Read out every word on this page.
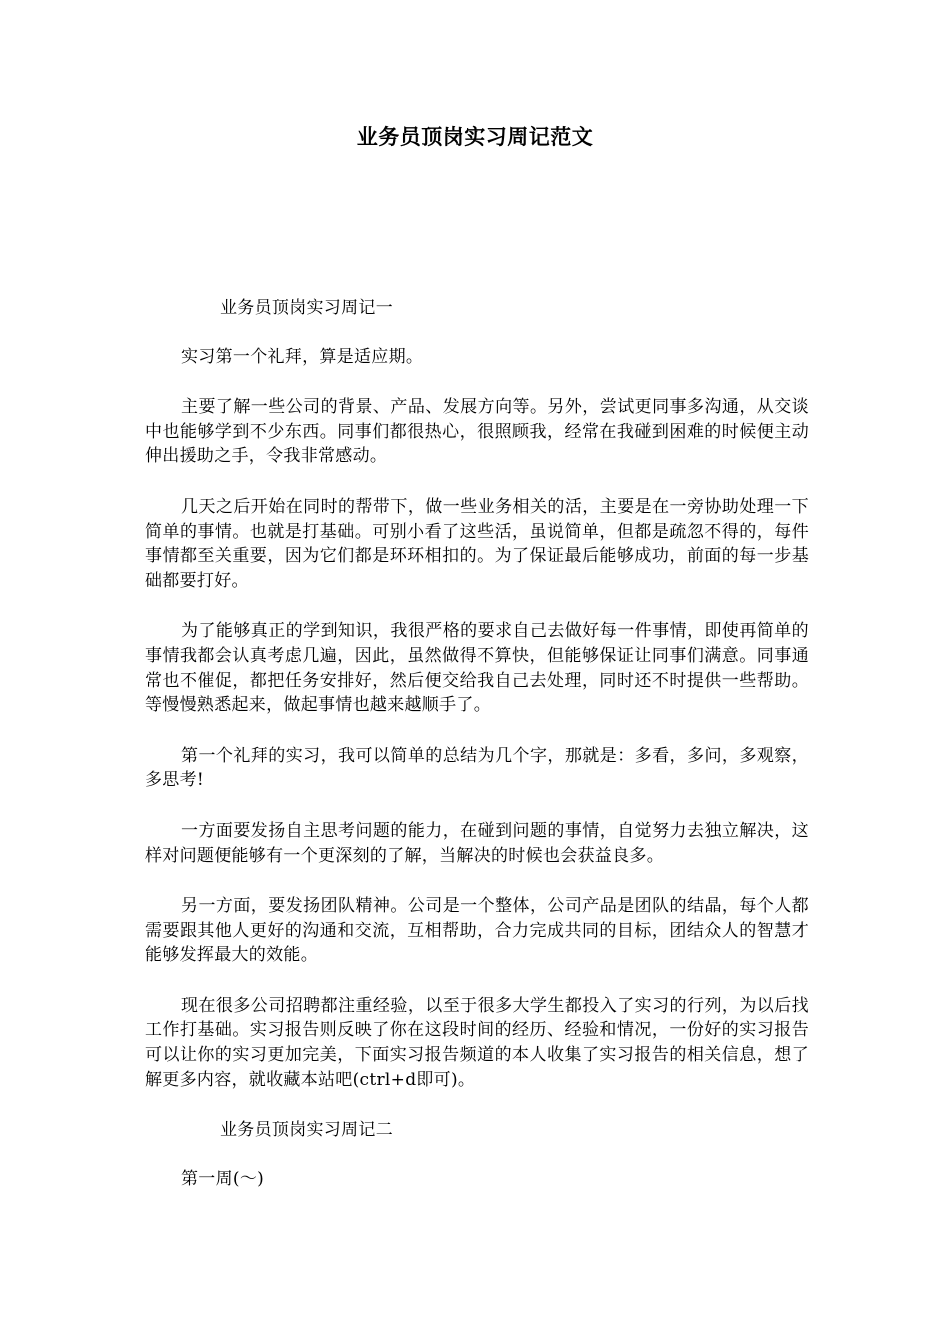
业务员顶岗实习周记范文

业务员顶岗实习周记一

实习第一个礼拜，算是适应期。

主要了解一些公司的背景、产品、发展方向等。另外，尝试更同事多沟通，从交谈中也能够学到不少东西。同事们都很热心，很照顾我，经常在我碰到困难的时候便主动伸出援助之手，令我非常感动。

几天之后开始在同时的帮带下，做一些业务相关的活，主要是在一旁协助处理一下简单的事情。也就是打基础。可别小看了这些活，虽说简单，但都是疏忽不得的，每件事情都至关重要，因为它们都是环环相扣的。为了保证最后能够成功，前面的每一步基础都要打好。

为了能够真正的学到知识，我很严格的要求自己去做好每一件事情，即使再简单的事情我都会认真考虑几遍，因此，虽然做得不算快，但能够保证让同事们满意。同事通常也不催促，都把任务安排好，然后便交给我自己去处理，同时还不时提供一些帮助。等慢慢熟悉起来，做起事情也越来越顺手了。

第一个礼拜的实习，我可以简单的总结为几个字，那就是：多看，多问，多观察，多思考!

一方面要发扬自主思考问题的能力，在碰到问题的事情，自觉努力去独立解决，这样对问题便能够有一个更深刻的了解，当解决的时候也会获益良多。

另一方面，要发扬团队精神。公司是一个整体，公司产品是团队的结晶，每个人都需要跟其他人更好的沟通和交流，互相帮助，合力完成共同的目标，团结众人的智慧才能够发挥最大的效能。

现在很多公司招聘都注重经验，以至于很多大学生都投入了实习的行列，为以后找工作打基础。实习报告则反映了你在这段时间的经历、经验和情况，一份好的实习报告可以让你的实习更加完美，下面实习报告频道的本人收集了实习报告的相关信息，想了解更多内容，就收藏本站吧(ctrl+d即可)。

业务员顶岗实习周记二

第一周(～)
